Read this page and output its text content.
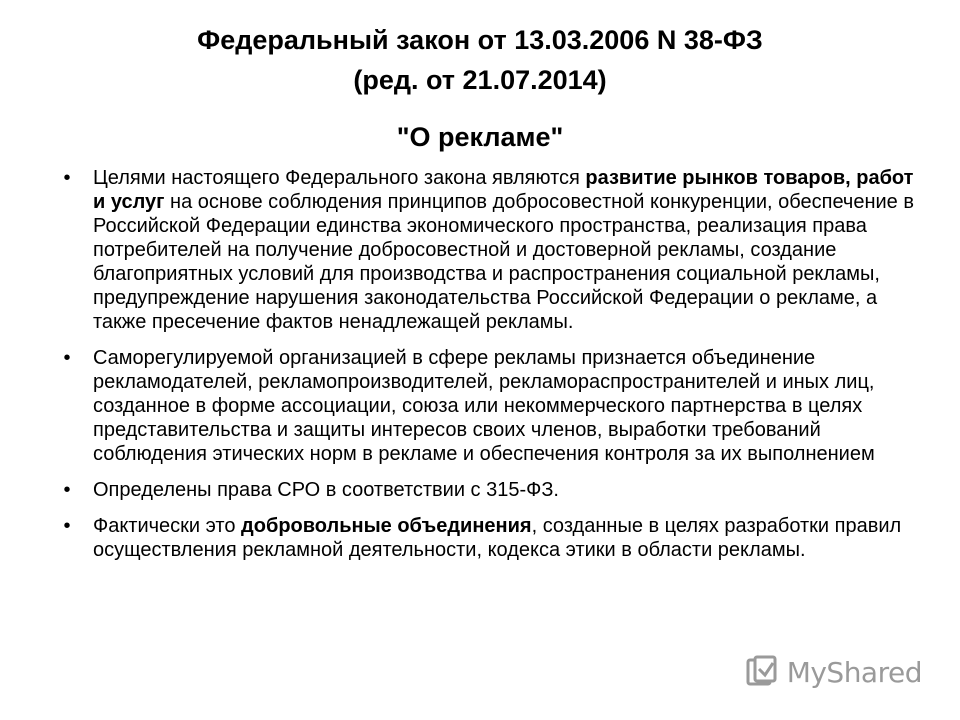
Федеральный закон от 13.03.2006 N 38-ФЗ
(ред. от 21.07.2014)
"О рекламе"
•	Целями настоящего Федерального закона являются развитие рынков товаров, работ и услуг на основе соблюдения принципов добросовестной конкуренции, обеспечение в Российской Федерации единства экономического пространства, реализация права потребителей на получение добросовестной и достоверной рекламы, создание благоприятных условий для производства и распространения социальной рекламы, предупреждение нарушения законодательства Российской Федерации о рекламе, а также пресечение фактов ненадлежащей рекламы.
•	Саморегулируемой организацией в сфере рекламы признается объединение рекламодателей, рекламопроизводителей, рекламораспространителей и иных лиц, созданное в форме ассоциации, союза или некоммерческого партнерства в целях представительства и защиты интересов своих членов, выработки требований соблюдения этических норм в рекламе и обеспечения контроля за их выполнением
•	Определены права СРО в соответствии с 315-ФЗ.
•	Фактически это добровольные объединения, созданные в целях разработки правил осуществления рекламной деятельности, кодекса этики в области рекламы.
MyShared
